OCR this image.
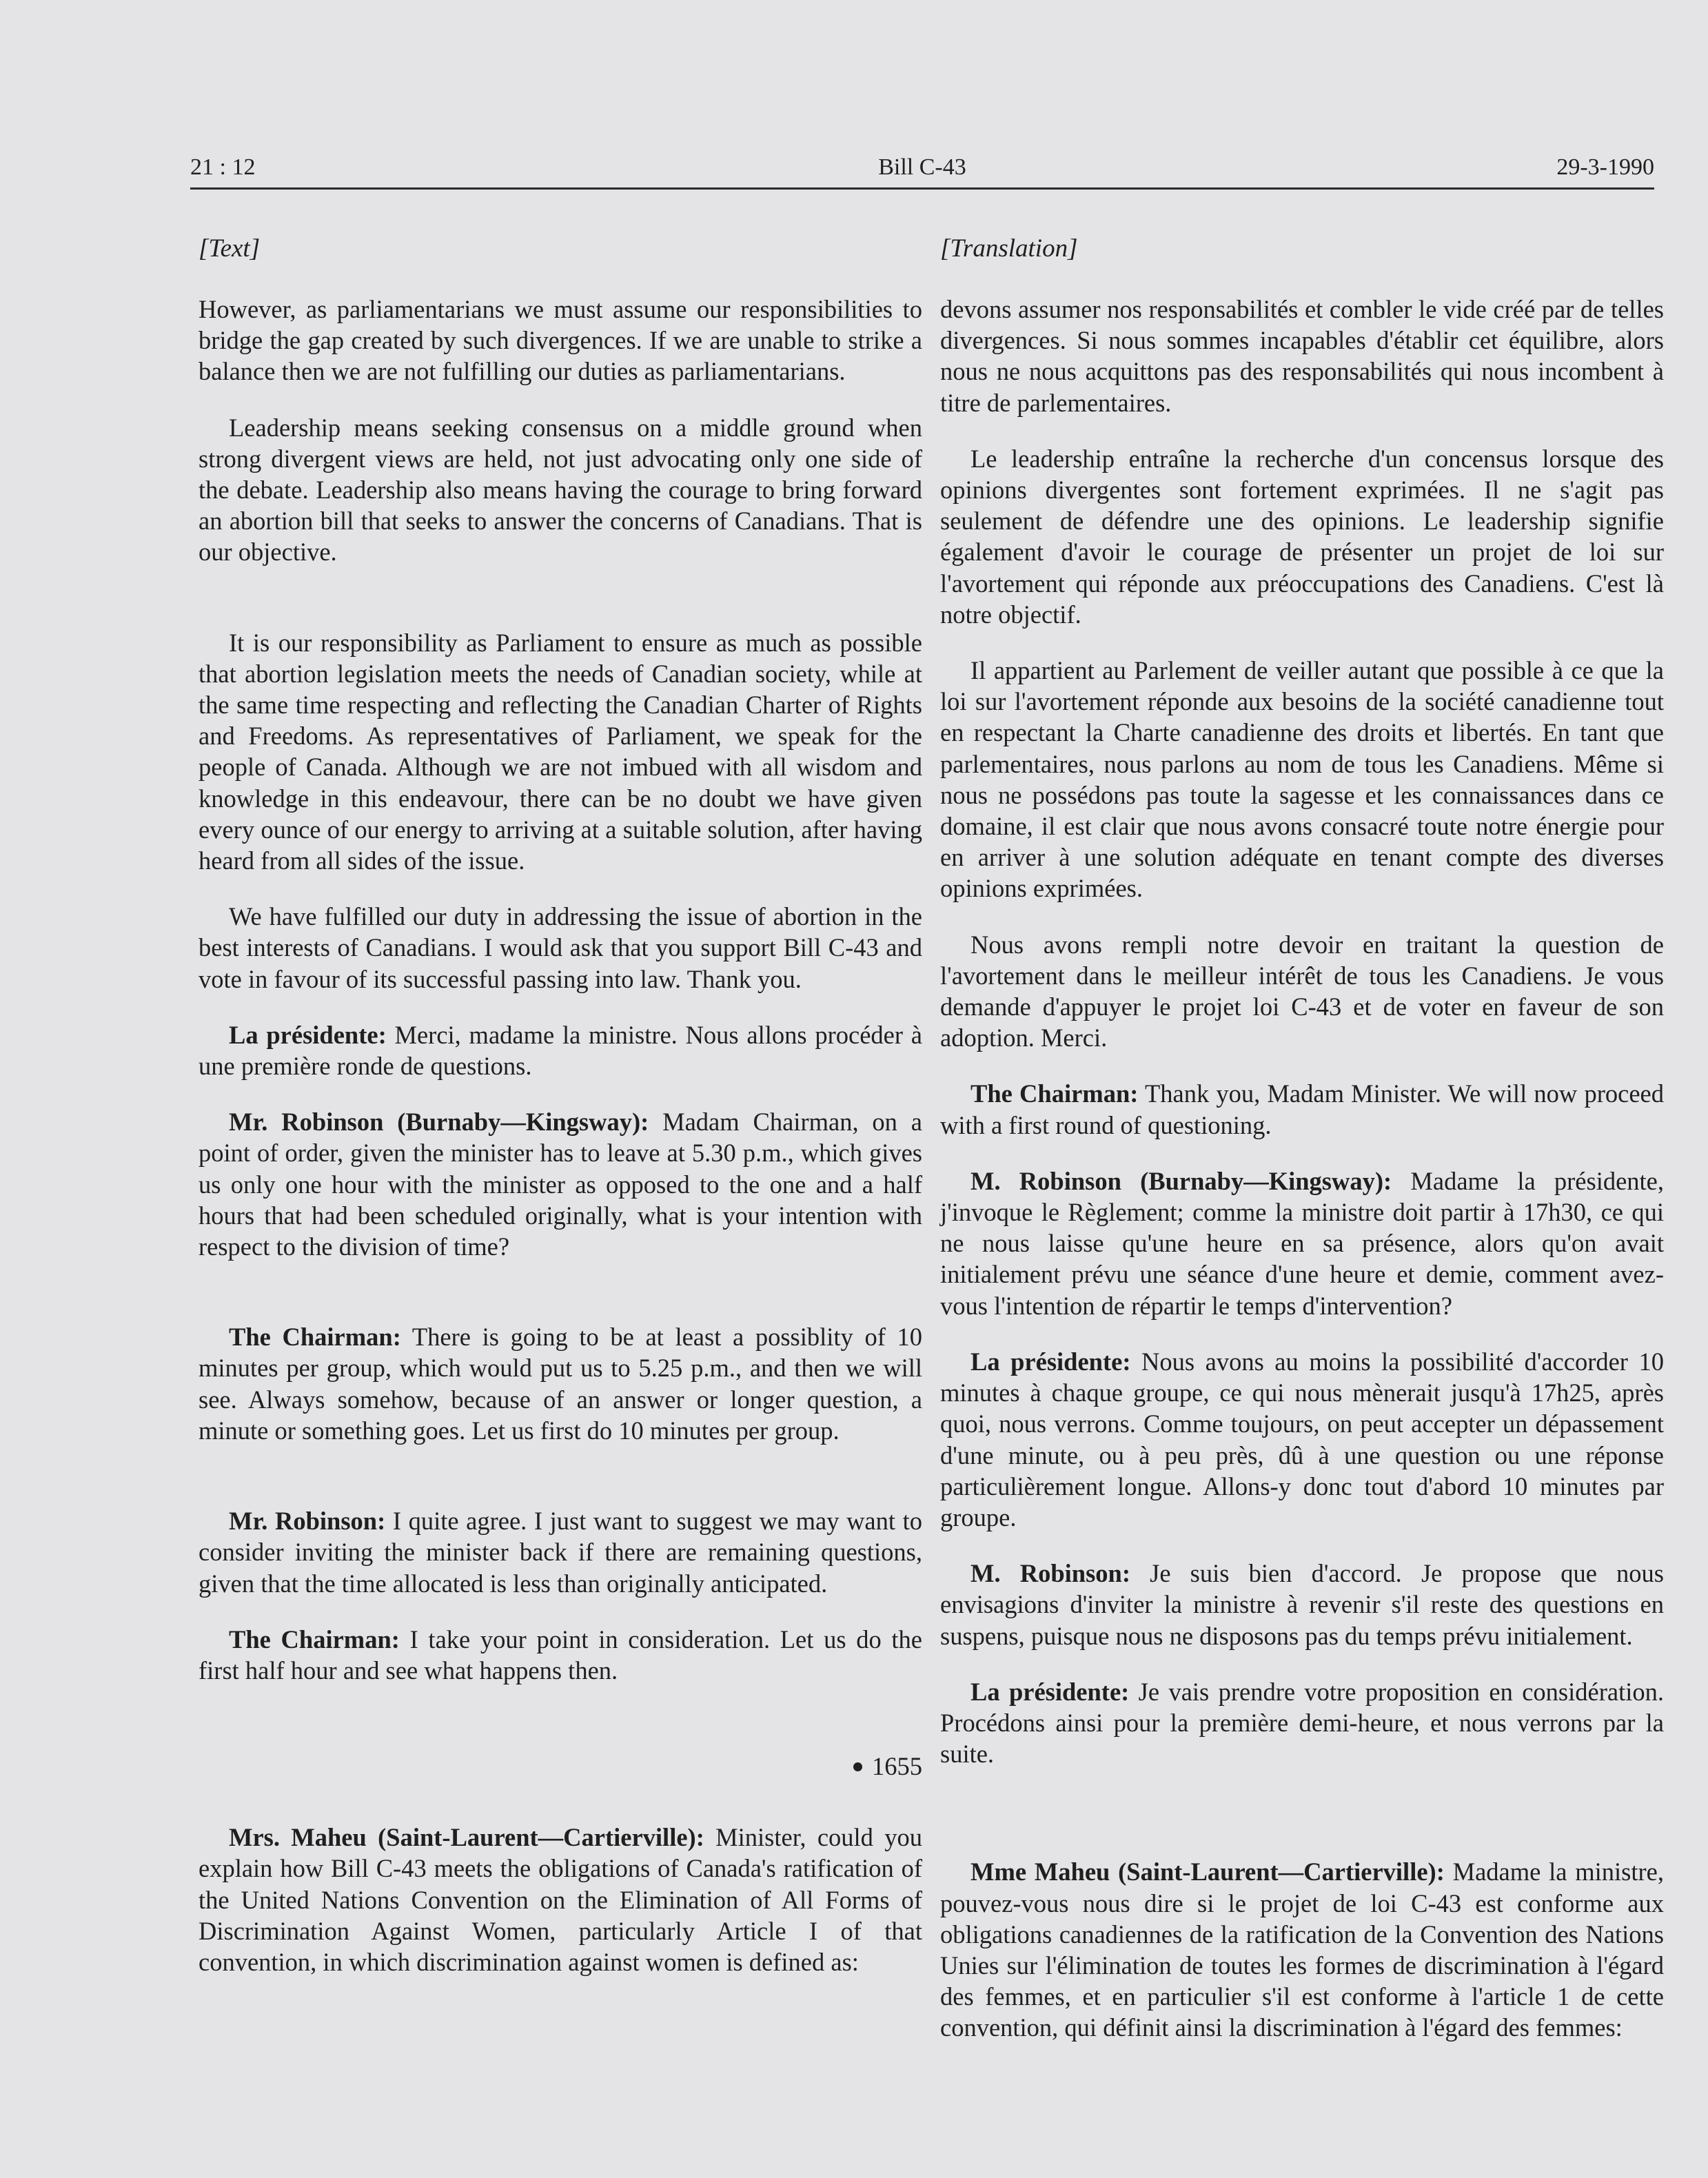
21 : 12	Bill C-43	29-3-1990
[Text]

However, as parliamentarians we must assume our responsibilities to bridge the gap created by such divergences. If we are unable to strike a balance then we are not fulfilling our duties as parliamentarians.

Leadership means seeking consensus on a middle ground when strong divergent views are held, not just advocating only one side of the debate. Leadership also means having the courage to bring forward an abortion bill that seeks to answer the concerns of Canadians. That is our objective.

It is our responsibility as Parliament to ensure as much as possible that abortion legislation meets the needs of Canadian society, while at the same time respecting and reflecting the Canadian Charter of Rights and Freedoms. As representatives of Parliament, we speak for the people of Canada. Although we are not imbued with all wisdom and knowledge in this endeavour, there can be no doubt we have given every ounce of our energy to arriving at a suitable solution, after having heard from all sides of the issue.

We have fulfilled our duty in addressing the issue of abortion in the best interests of Canadians. I would ask that you support Bill C-43 and vote in favour of its successful passing into law. Thank you.

La présidente: Merci, madame la ministre. Nous allons procéder à une première ronde de questions.

Mr. Robinson (Burnaby—Kingsway): Madam Chairman, on a point of order, given the minister has to leave at 5.30 p.m., which gives us only one hour with the minister as opposed to the one and a half hours that had been scheduled originally, what is your intention with respect to the division of time?

The Chairman: There is going to be at least a possiblity of 10 minutes per group, which would put us to 5.25 p.m., and then we will see. Always somehow, because of an answer or longer question, a minute or something goes. Let us first do 10 minutes per group.

Mr. Robinson: I quite agree. I just want to suggest we may want to consider inviting the minister back if there are remaining questions, given that the time allocated is less than originally anticipated.

The Chairman: I take your point in consideration. Let us do the first half hour and see what happens then.

1655

Mrs. Maheu (Saint-Laurent—Cartierville): Minister, could you explain how Bill C-43 meets the obligations of Canada's ratification of the United Nations Convention on the Elimination of All Forms of Discrimination Against Women, particularly Article I of that convention, in which discrimination against women is defined as:

[Translation]

devons assumer nos responsabilités et combler le vide créé par de telles divergences. Si nous sommes incapables d'établir cet équilibre, alors nous ne nous acquittons pas des responsabilités qui nous incombent à titre de parlementaires.

Le leadership entraîne la recherche d'un concensus lorsque des opinions divergentes sont fortement exprimées. Il ne s'agit pas seulement de défendre une des opinions. Le leadership signifie également d'avoir le courage de présenter un projet de loi sur l'avortement qui réponde aux préoccupations des Canadiens. C'est là notre objectif.

Il appartient au Parlement de veiller autant que possible à ce que la loi sur l'avortement réponde aux besoins de la société canadienne tout en respectant la Charte canadienne des droits et libertés. En tant que parlementaires, nous parlons au nom de tous les Canadiens. Même si nous ne possédons pas toute la sagesse et les connaissances dans ce domaine, il est clair que nous avons consacré toute notre énergie pour en arriver à une solution adéquate en tenant compte des diverses opinions exprimées.

Nous avons rempli notre devoir en traitant la question de l'avortement dans le meilleur intérêt de tous les Canadiens. Je vous demande d'appuyer le projet loi C-43 et de voter en faveur de son adoption. Merci.

The Chairman: Thank you, Madam Minister. We will now proceed with a first round of questioning.

M. Robinson (Burnaby—Kingsway): Madame la présidente, j'invoque le Règlement; comme la ministre doit partir à 17h30, ce qui ne nous laisse qu'une heure en sa présence, alors qu'on avait initialement prévu une séance d'une heure et demie, comment avez-vous l'intention de répartir le temps d'intervention?

La présidente: Nous avons au moins la possibilité d'accorder 10 minutes à chaque groupe, ce qui nous mènerait jusqu'à 17h25, après quoi, nous verrons. Comme toujours, on peut accepter un dépassement d'une minute, ou à peu près, dû à une question ou une réponse particulièrement longue. Allons-y donc tout d'abord 10 minutes par groupe.

M. Robinson: Je suis bien d'accord. Je propose que nous envisagions d'inviter la ministre à revenir s'il reste des questions en suspens, puisque nous ne disposons pas du temps prévu initialement.

La présidente: Je vais prendre votre proposition en considération. Procédons ainsi pour la première demi-heure, et nous verrons par la suite.

Mme Maheu (Saint-Laurent—Cartierville): Madame la ministre, pouvez-vous nous dire si le projet de loi C-43 est conforme aux obligations canadiennes de la ratification de la Convention des Nations Unies sur l'élimination de toutes les formes de discrimination à l'égard des femmes, et en particulier s'il est conforme à l'article 1 de cette convention, qui définit ainsi la discrimination à l'égard des femmes:
